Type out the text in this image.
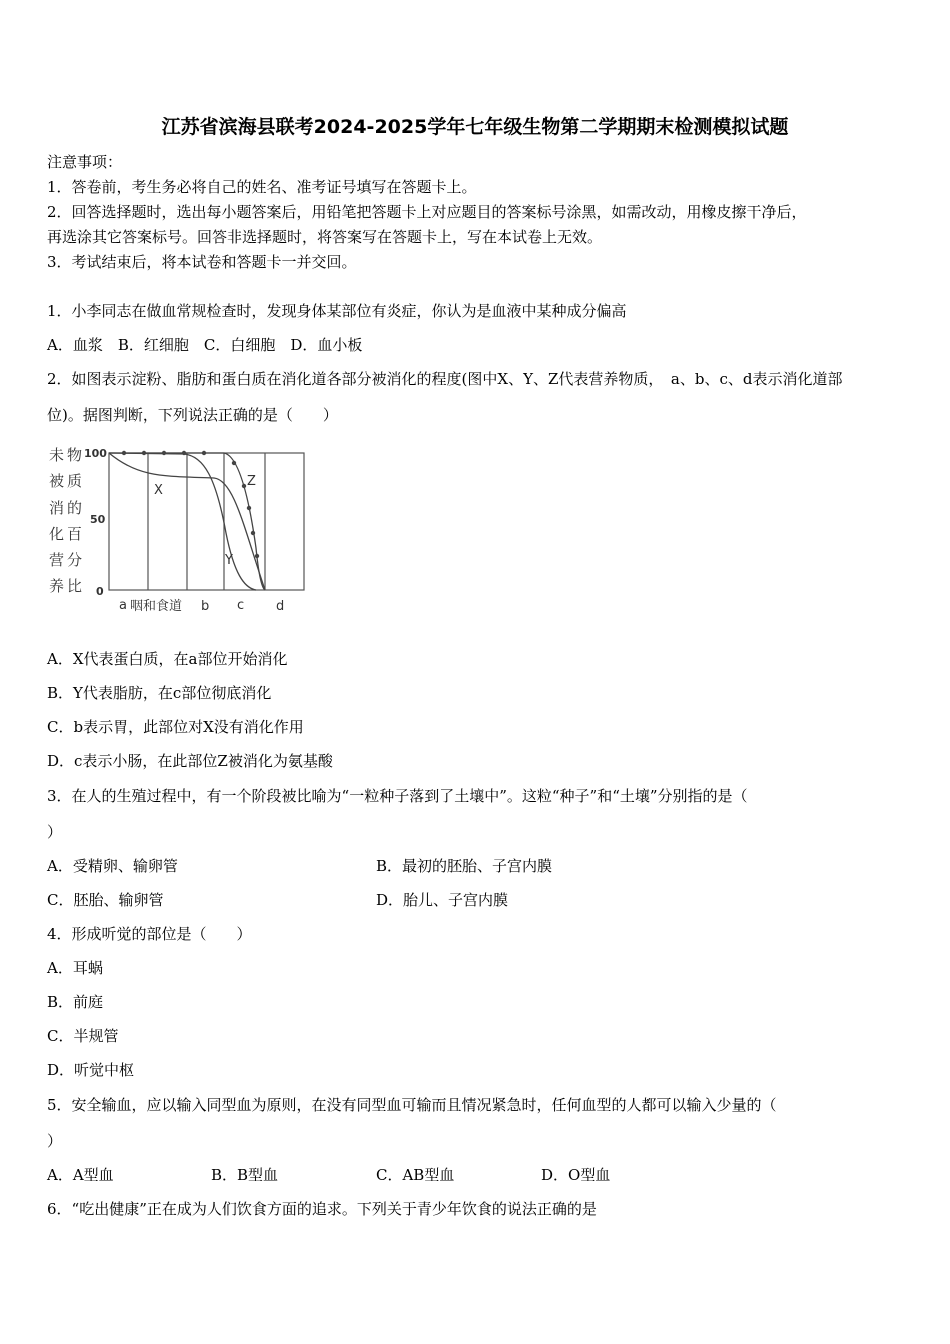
江苏省滨海县联考2024-2025学年七年级生物第二学期期末检测模拟试题
注意事项：
1．答卷前，考生务必将自己的姓名、准考证号填写在答题卡上。
2．回答选择题时，选出每小题答案后，用铅笔把答题卡上对应题目的答案标号涂黑，如需改动，用橡皮擦干净后，
再选涂其它答案标号。回答非选择题时，将答案写在答题卡上，写在本试卷上无效。
3．考试结束后，将本试卷和答题卡一并交回。
1．小李同志在做血常规检查时，发现身体某部位有炎症，你认为是血液中某种成分偏高
A．血浆　B．红细胞　C．白细胞　D．血小板
2．如图表示淀粉、脂肪和蛋白质在消化道各部分被消化的程度(图中X、Y、Z代表营养物质，　a、b、c、d表示消化道部
位)。据图判断，下列说法正确的是（　　）
未
被
消
化
营
养
物
质
的
百
分
比
100
50
0
X
Y
Z
a 咽和食道 b c d
A．X代表蛋白质，在a部位开始消化
B．Y代表脂肪，在c部位彻底消化
C．b表示胃，此部位对X没有消化作用
D．c表示小肠，在此部位Z被消化为氨基酸
3．在人的生殖过程中，有一个阶段被比喻为“一粒种子落到了土壤中”。这粒“种子”和“土壤”分别指的是（
）
A．受精卵、输卵管	B．最初的胚胎、子宫内膜
C．胚胎、输卵管	D．胎儿、子宫内膜
4．形成听觉的部位是（　　）
A．耳蜗
B．前庭
C．半规管
D．听觉中枢
5．安全输血，应以输入同型血为原则，在没有同型血可输而且情况紧急时，任何血型的人都可以输入少量的（
）
A．A型血	B．B型血	C．AB型血	D．O型血
6．“吃出健康”正在成为人们饮食方面的追求。下列关于青少年饮食的说法正确的是
